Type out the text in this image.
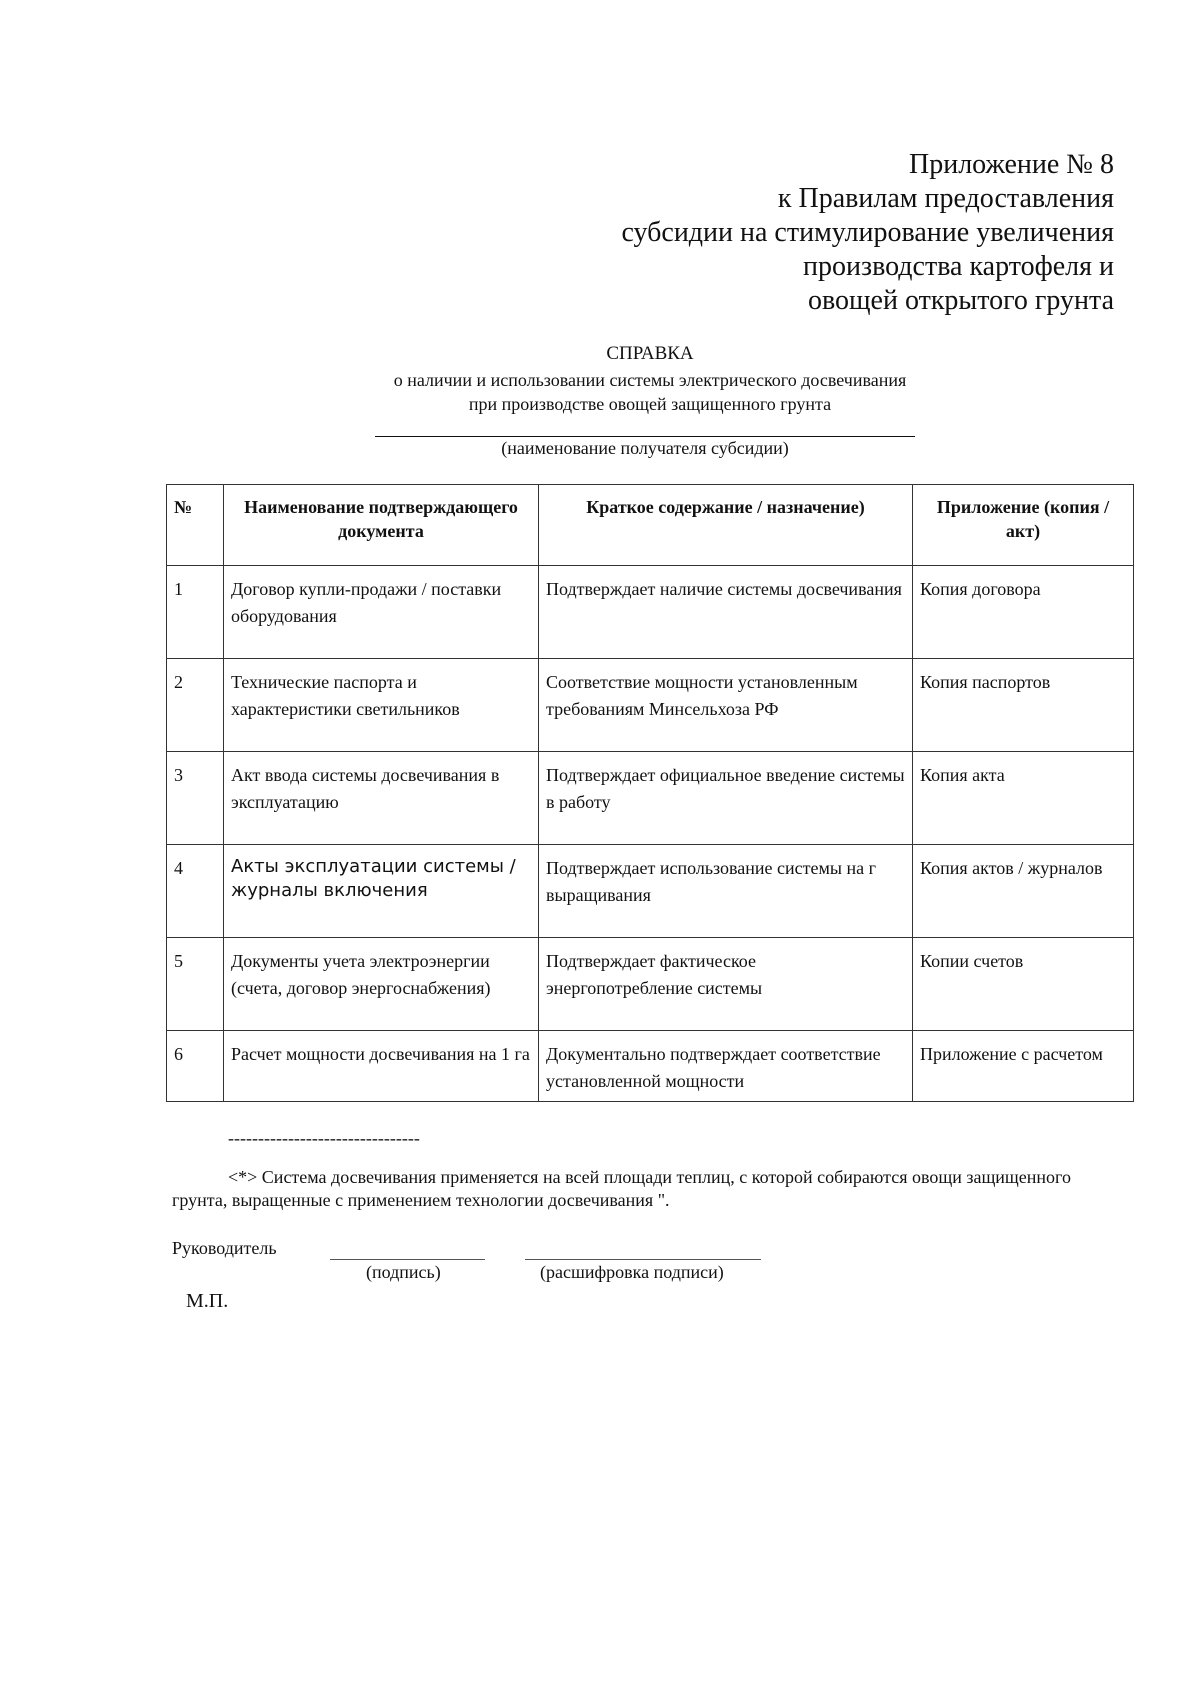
Приложение № 8
к Правилам предоставления
субсидии на стимулирование увеличения
производства картофеля и
овощей открытого грунта
СПРАВКА
о наличии и использовании системы электрического досвечивания
при производстве овощей защищенного грунта
(наименование получателя субсидии)
№	Наименование подтверждающего документа	Краткое содержание / назначение)	Приложение (копия / акт)
1	Договор купли-продажи / поставки оборудования	Подтверждает наличие системы досвечивания	Копия договора
2	Технические паспорта и характеристики светильников	Соответствие мощности установленным требованиям Минсельхоза РФ	Копия паспортов
3	Акт ввода системы досвечивания в эксплуатацию	Подтверждает официальное введение системы в работу	Копия акта
4	Акты эксплуатации системы / журналы включения	Подтверждает использование системы на г выращивания	Копия актов / журналов
5	Документы учета электроэнергии (счета, договор энергоснабжения)	Подтверждает фактическое энергопотребление системы	Копии счетов
6	Расчет мощности досвечивания на 1 га	Документально подтверждает соответствие установленной мощности	Приложение с расчетом
--------------------------------
<*> Система досвечивания применяется на всей площади теплиц, с которой собираются овощи защищенного грунта, выращенные с применением технологии досвечивания ".
Руководитель
(подпись)	(расшифровка подписи)
М.П.
